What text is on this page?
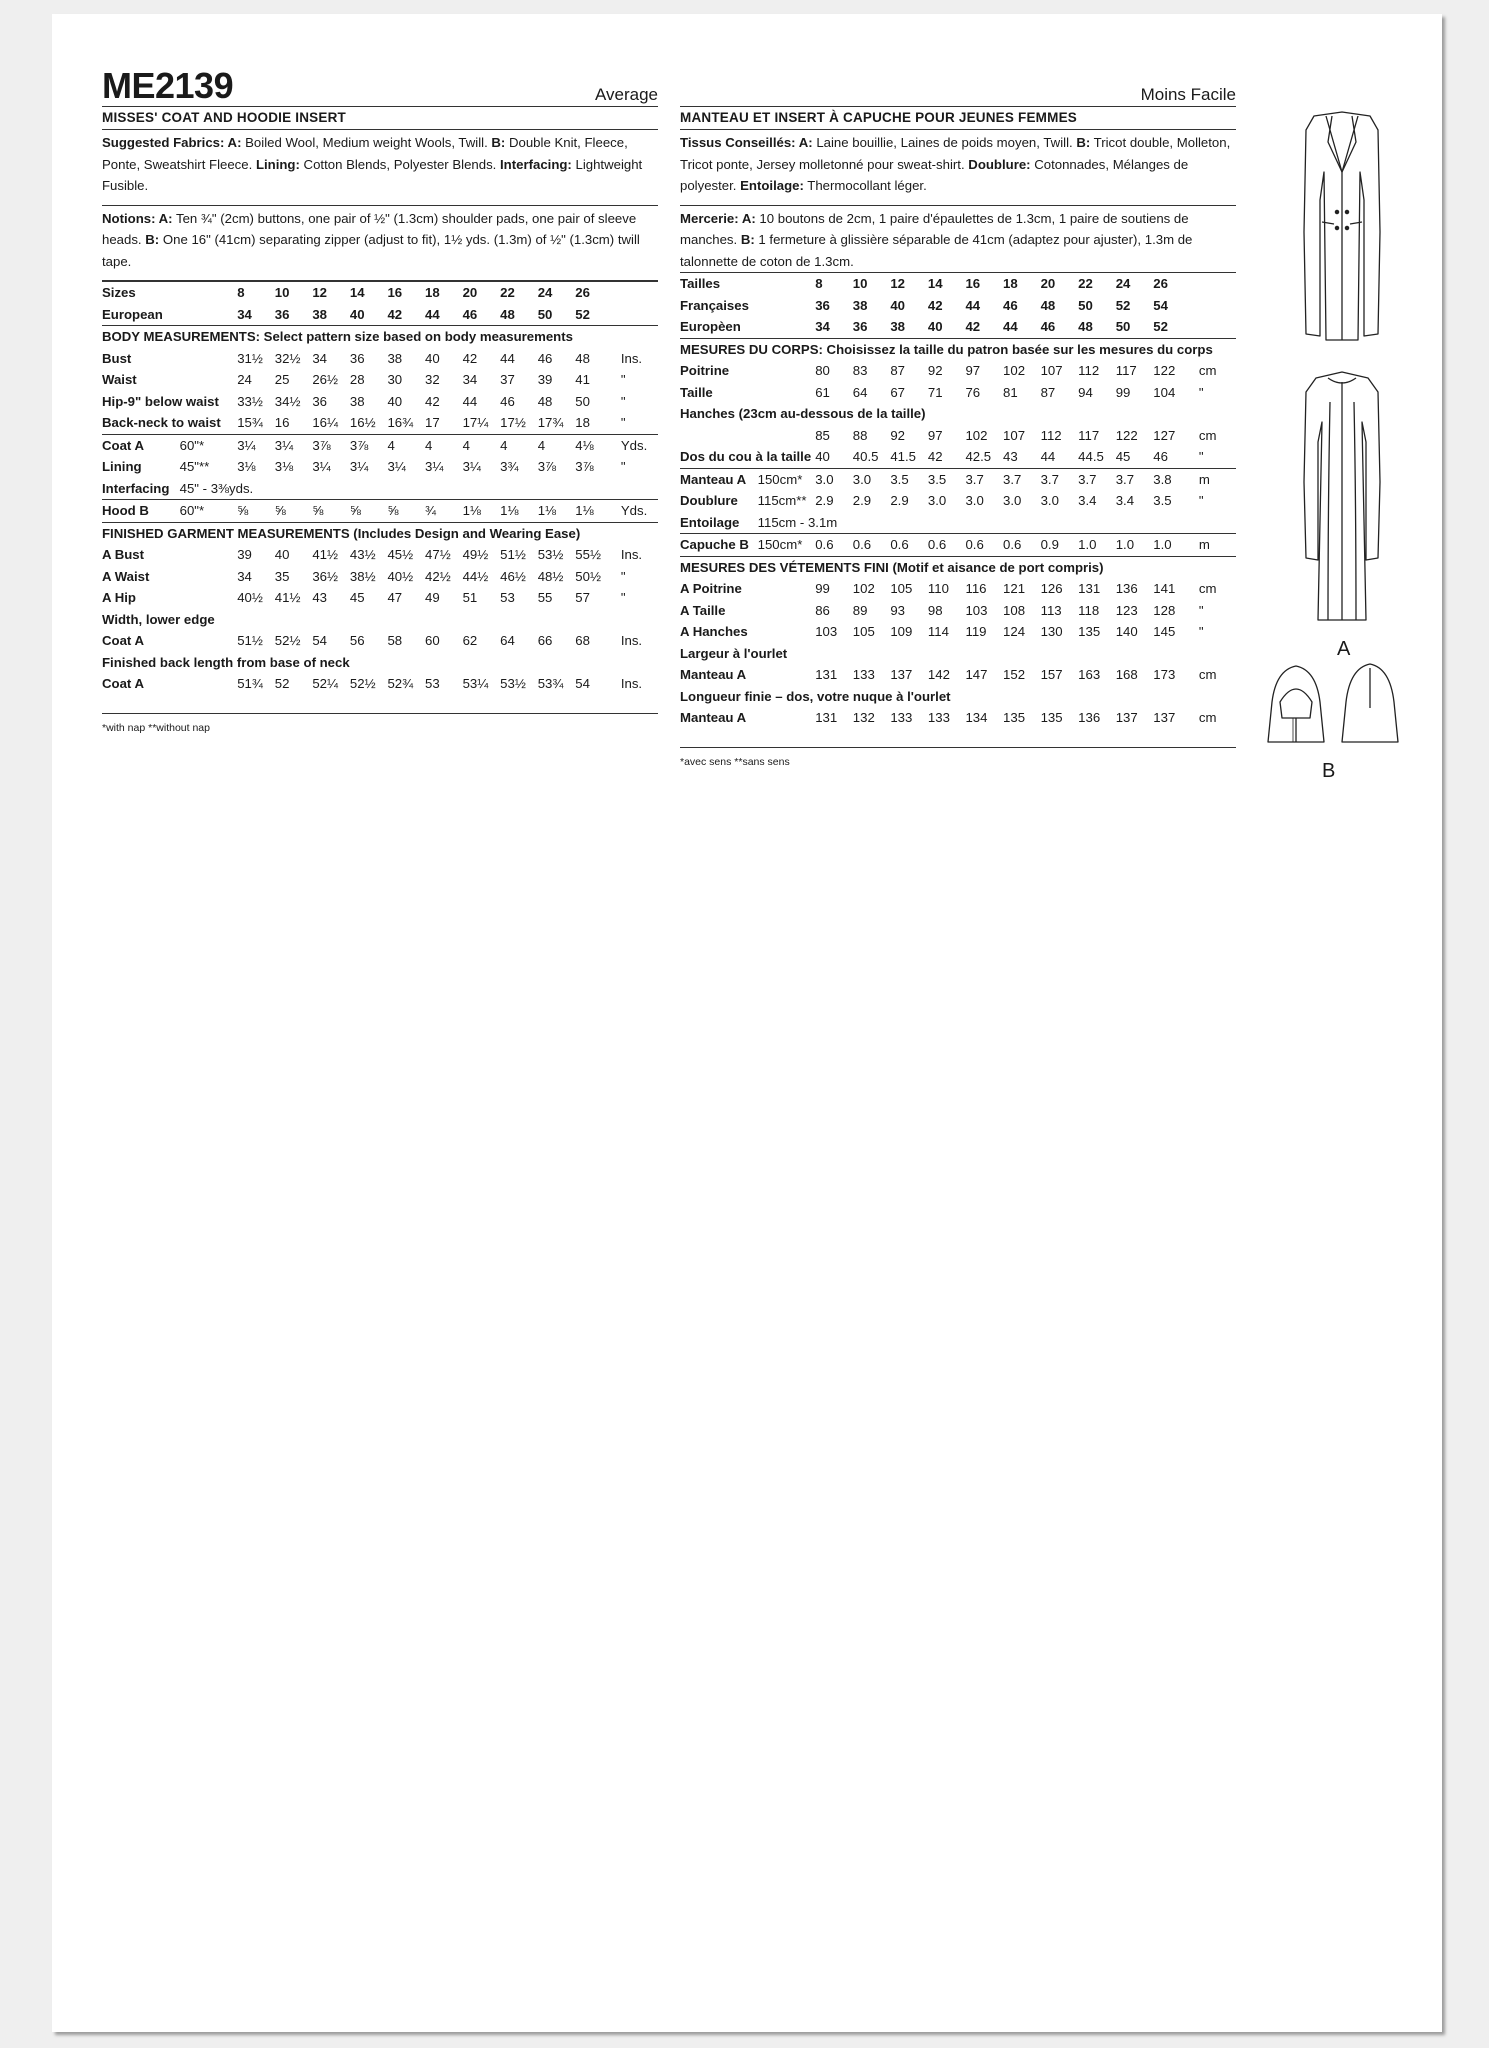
ME2139	Average
MISSES' COAT AND HOODIE INSERT
Suggested Fabrics: A: Boiled Wool, Medium weight Wools, Twill. B: Double Knit, Fleece, Ponte, Sweatshirt Fleece. Lining: Cotton Blends, Polyester Blends. Interfacing: Lightweight Fusible.
Notions: A: Ten ¾" (2cm) buttons, one pair of ½" (1.3cm) shoulder pads, one pair of sleeve heads. B: One 16" (41cm) separating zipper (adjust to fit), 1½ yds. (1.3m) of ½" (1.3cm) twill tape.
Sizes		8	10	12	14	16	18	20	22	24	26	
European		34	36	38	40	42	44	46	48	50	52	
BODY MEASUREMENTS: Select pattern size based on body measurements												
Bust		31½	32½	34	36	38	40	42	44	46	48	Ins.
Waist		24	25	26½	28	30	32	34	37	39	41	"
Hip-9" below waist		33½	34½	36	38	40	42	44	46	48	50	"
Back-neck to waist		15¾	16	16¼	16½	16¾	17	17¼	17½	17¾	18	"
Coat A	60"*	3¼	3¼	3⅞	3⅞	4	4	4	4	4	4⅛	Yds.
Lining	45"**	3⅛	3⅛	3¼	3¼	3¼	3¼	3¼	3¾	3⅞	3⅞	"
Interfacing	45" - 3⅜yds.											
Hood B	60"*	⅝	⅝	⅝	⅝	⅝	¾	1⅛	1⅛	1⅛	1⅛	Yds.
FINISHED GARMENT MEASUREMENTS (Includes Design and Wearing Ease)												
A Bust		39	40	41½	43½	45½	47½	49½	51½	53½	55½	Ins.
A Waist		34	35	36½	38½	40½	42½	44½	46½	48½	50½	"
A Hip		40½	41½	43	45	47	49	51	53	55	57	"
Width, lower edge												
Coat A		51½	52½	54	56	58	60	62	64	66	68	Ins.
Finished back length from base of neck												
Coat A		51¾	52	52¼	52½	52¾	53	53¼	53½	53¾	54	Ins.
*with nap **without nap
Moins Facile
MANTEAU ET INSERT À CAPUCHE POUR JEUNES FEMMES
Tissus Conseillés: A: Laine bouillie, Laines de poids moyen, Twill. B: Tricot double, Molleton, Tricot ponte, Jersey molletonné pour sweat-shirt. Doublure: Cotonnades, Mélanges de polyester. Entoilage: Thermocollant léger.
Mercerie: A: 10 boutons de 2cm, 1 paire d'épaulettes de 1.3cm, 1 paire de soutiens de manches. B: 1 fermeture à glissière séparable de 41cm (adaptez pour ajuster), 1.3m de talonnette de coton de 1.3cm.
Tailles		8	10	12	14	16	18	20	22	24	26	
Françaises		36	38	40	42	44	46	48	50	52	54	
Europèen		34	36	38	40	42	44	46	48	50	52	
MESURES DU CORPS: Choisissez la taille du patron basée sur les mesures du corps												
Poitrine		80	83	87	92	97	102	107	112	117	122	cm
Taille		61	64	67	71	76	81	87	94	99	104	"
Hanches (23cm au-dessous de la taille)												
		85	88	92	97	102	107	112	117	122	127	cm
Dos du cou à la taille		40	40.5	41.5	42	42.5	43	44	44.5	45	46	"
Manteau A	150cm*	3.0	3.0	3.5	3.5	3.7	3.7	3.7	3.7	3.7	3.8	m
Doublure	115cm**	2.9	2.9	2.9	3.0	3.0	3.0	3.0	3.4	3.4	3.5	"
Entoilage	115cm - 3.1m											
Capuche B	150cm*	0.6	0.6	0.6	0.6	0.6	0.6	0.9	1.0	1.0	1.0	m
MESURES DES VÉTEMENTS FINI (Motif et aisance de port compris)												
A Poitrine		99	102	105	110	116	121	126	131	136	141	cm
A Taille		86	89	93	98	103	108	113	118	123	128	"
A Hanches		103	105	109	114	119	124	130	135	140	145	"
Largeur à l'ourlet												
Manteau A		131	133	137	142	147	152	157	163	168	173	cm
Longueur finie – dos, votre nuque à l'ourlet												
Manteau A		131	132	133	133	134	135	135	136	137	137	cm
*avec sens **sans sens
A
B
